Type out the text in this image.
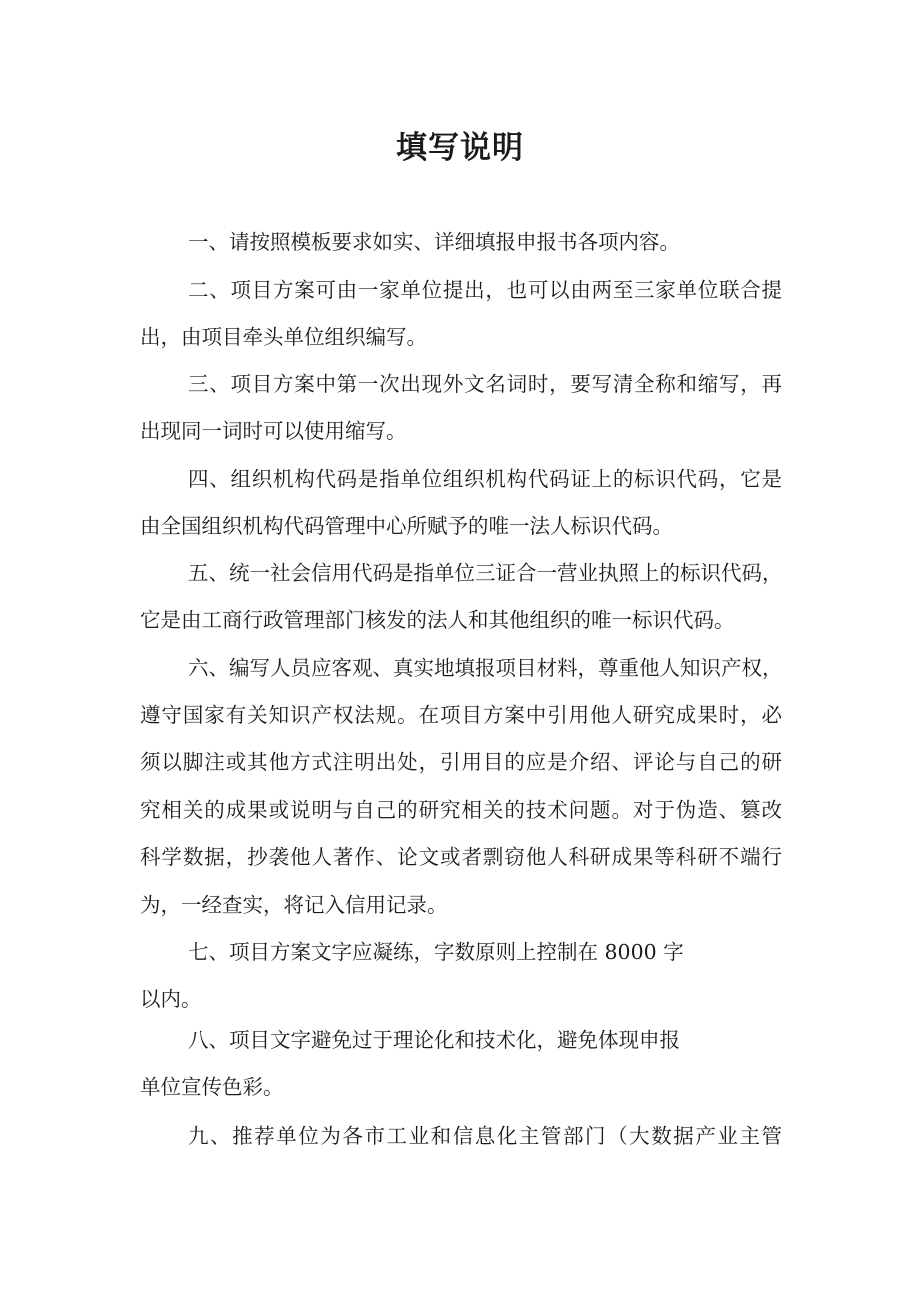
填写说明
一、请按照模板要求如实、详细填报申报书各项内容。
二、项目方案可由一家单位提出，也可以由两至三家单位联合提
出，由项目牵头单位组织编写。
三、项目方案中第一次出现外文名词时，要写清全称和缩写，再
出现同一词时可以使用缩写。
四、组织机构代码是指单位组织机构代码证上的标识代码，它是
由全国组织机构代码管理中心所赋予的唯一法人标识代码。
五、统一社会信用代码是指单位三证合一营业执照上的标识代码，
它是由工商行政管理部门核发的法人和其他组织的唯一标识代码。
六、编写人员应客观、真实地填报项目材料，尊重他人知识产权，
遵守国家有关知识产权法规。在项目方案中引用他人研究成果时，必
须以脚注或其他方式注明出处，引用目的应是介绍、评论与自己的研
究相关的成果或说明与自己的研究相关的技术问题。对于伪造、篡改
科学数据，抄袭他人著作、论文或者剽窃他人科研成果等科研不端行
为，一经查实，将记入信用记录。
七、项目方案文字应凝练，字数原则上控制在 8000 字
以内。
八、项目文字避免过于理论化和技术化，避免体现申报
单位宣传色彩。
九、推荐单位为各市工业和信息化主管部门（大数据产业主管
